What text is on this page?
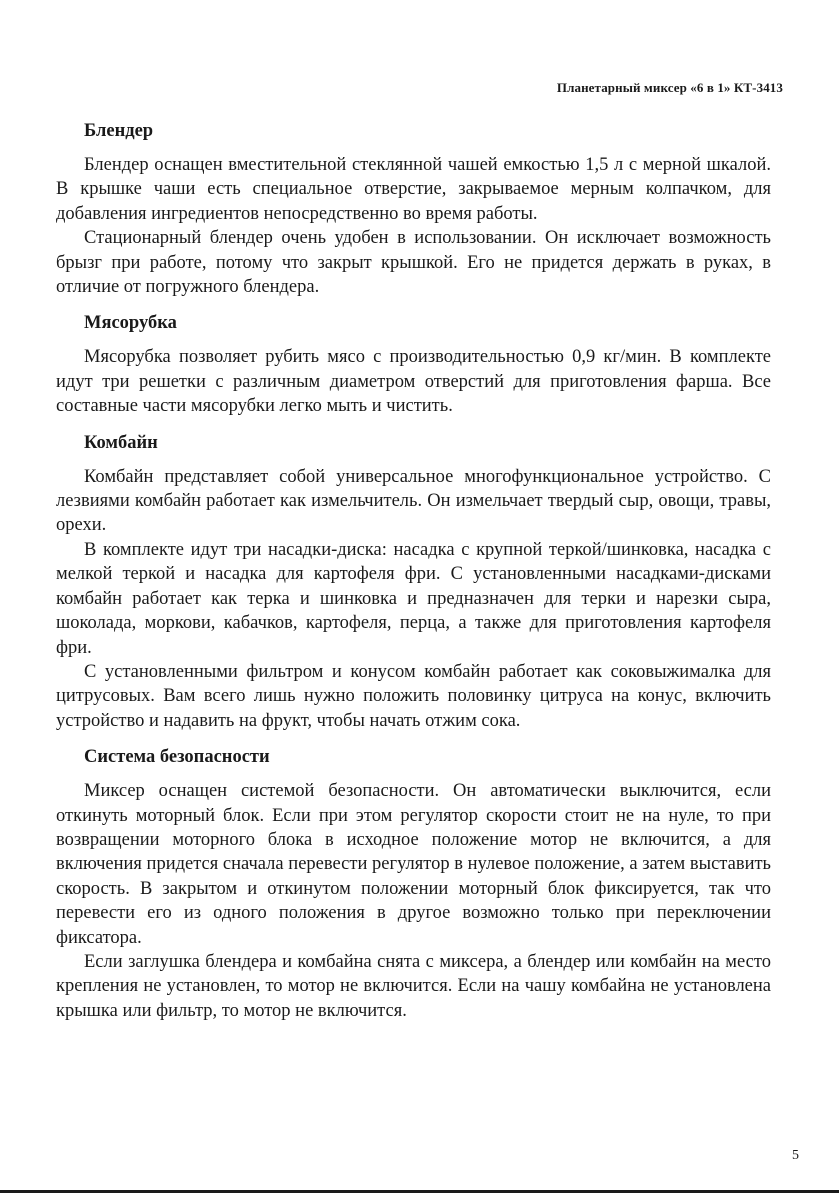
Планетарный миксер «6 в 1» КТ-3413
Блендер

Блендер оснащен вместительной стеклянной чашей емкостью 1,5 л с мерной шкалой. В крышке чаши есть специальное отверстие, закрываемое мерным колпачком, для добавления ингредиентов непосредственно во время работы.

Стационарный блендер очень удобен в использовании. Он исключает возможность брызг при работе, потому что закрыт крышкой. Его не придется держать в руках, в отличие от погружного блендера.

Мясорубка

Мясорубка позволяет рубить мясо с производительностью 0,9 кг/мин. В комплекте идут три решетки с различным диаметром отверстий для приготовления фарша. Все составные части мясорубки легко мыть и чистить.

Комбайн

Комбайн представляет собой универсальное многофункциональное устройство. С лезвиями комбайн работает как измельчитель. Он измельчает твердый сыр, овощи, травы, орехи.

В комплекте идут три насадки-диска: насадка с крупной теркой/шинковка, насадка с мелкой теркой и насадка для картофеля фри. С установленными насадками-дисками комбайн работает как терка и шинковка и предназначен для терки и нарезки сыра, шоколада, моркови, кабачков, картофеля, перца, а также для приготовления картофеля фри.

С установленными фильтром и конусом комбайн работает как соковыжималка для цитрусовых. Вам всего лишь нужно положить половинку цитруса на конус, включить устройство и надавить на фрукт, чтобы начать отжим сока.

Система безопасности

Миксер оснащен системой безопасности. Он автоматически выключится, если откинуть моторный блок. Если при этом регулятор скорости стоит не на нуле, то при возвращении моторного блока в исходное положение мотор не включится, а для включения придется сначала перевести регулятор в нулевое положение, а затем выставить скорость. В закрытом и откинутом положении моторный блок фиксируется, так что перевести его из одного положения в другое возможно только при переключении фиксатора.

Если заглушка блендера и комбайна снята с миксера, а блендер или комбайн на место крепления не установлен, то мотор не включится. Если на чашу комбайна не установлена крышка или фильтр, то мотор не включится.

5
